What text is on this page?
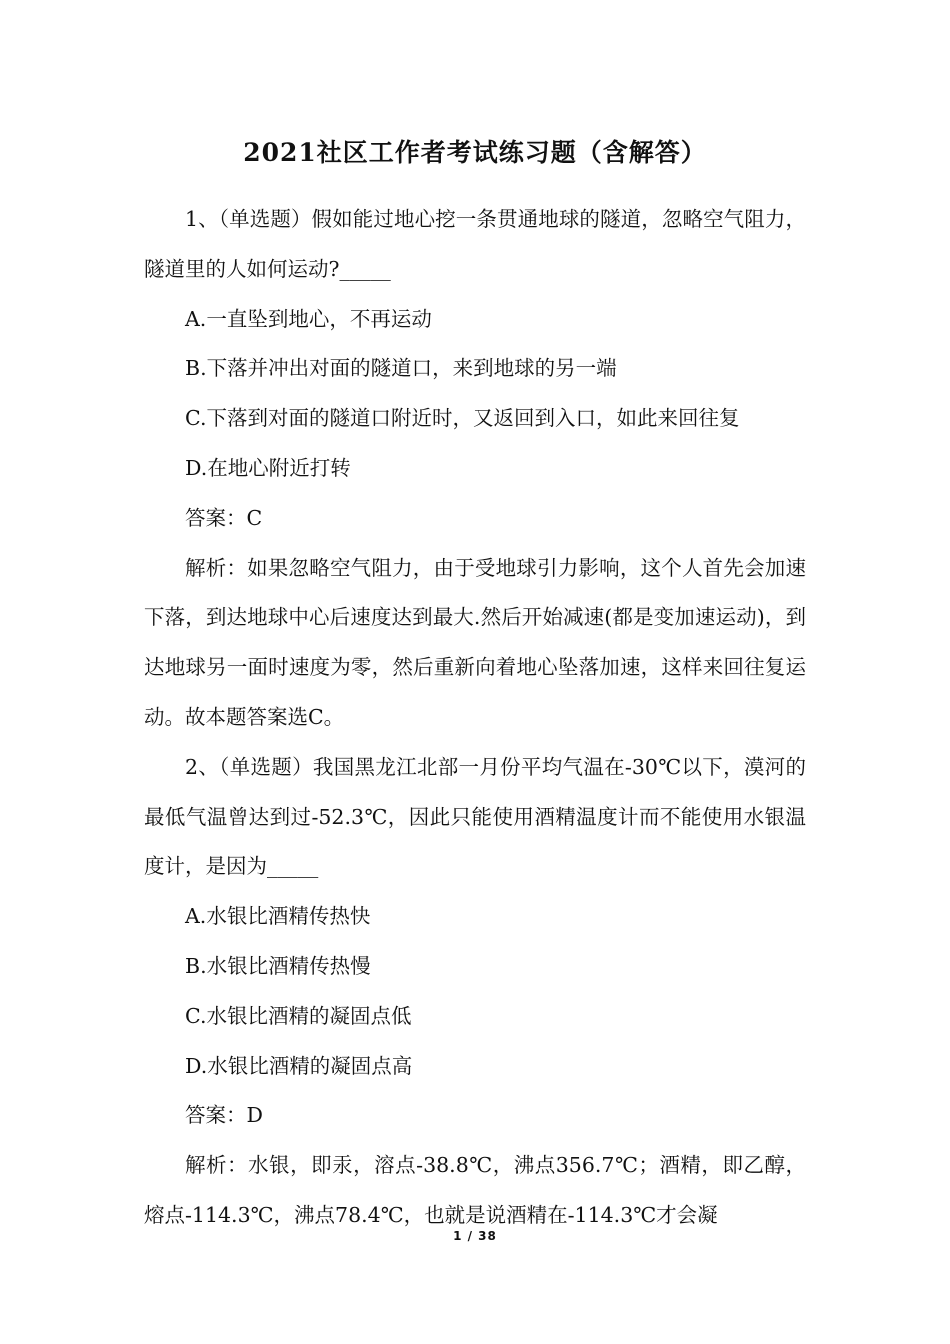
2021社区工作者考试练习题（含解答）

1、（单选题）假如能过地心挖一条贯通地球的隧道，忽略空气阻力，隧道里的人如何运动?_____

A.一直坠到地心，不再运动

B.下落并冲出对面的隧道口，来到地球的另一端

C.下落到对面的隧道口附近时，又返回到入口，如此来回往复

D.在地心附近打转

答案：C

解析：如果忽略空气阻力，由于受地球引力影响，这个人首先会加速下落，到达地球中心后速度达到最大.然后开始减速(都是变加速运动)，到达地球另一面时速度为零，然后重新向着地心坠落加速，这样来回往复运动。故本题答案选C。

2、（单选题）我国黑龙江北部一月份平均气温在-30℃以下，漠河的最低气温曾达到过-52.3℃，因此只能使用酒精温度计而不能使用水银温度计，是因为_____

A.水银比酒精传热快

B.水银比酒精传热慢

C.水银比酒精的凝固点低

D.水银比酒精的凝固点高

答案：D

解析：水银，即汞，溶点-38.8℃，沸点356.7℃；酒精，即乙醇，熔点-114.3℃，沸点78.4℃，也就是说酒精在-114.3℃才会凝

1 / 38
